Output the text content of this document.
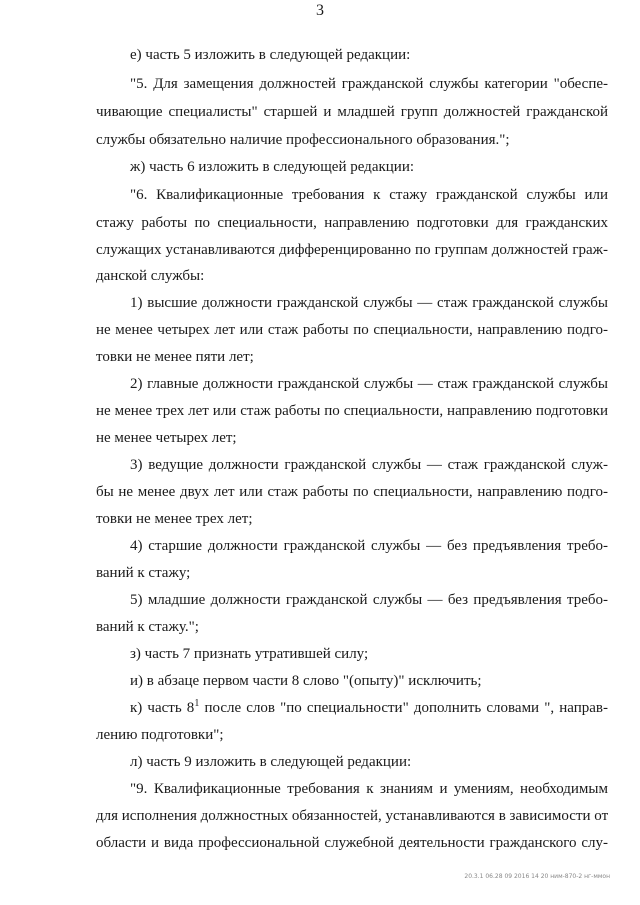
3
е) часть 5 изложить в следующей редакции:
"5. Для замещения должностей гражданской службы категории "обеспе-
чивающие специалисты" старшей и младшей групп должностей гражданской
службы обязательно наличие профессионального образования.";
ж) часть 6 изложить в следующей редакции:
"6. Квалификационные требования к стажу гражданской службы или
стажу работы по специальности, направлению подготовки для гражданских
служащих устанавливаются дифференцированно по группам должностей граж-
данской службы:
1) высшие должности гражданской службы — стаж гражданской службы
не менее четырех лет или стаж работы по специальности, направлению подго-
товки не менее пяти лет;
2) главные должности гражданской службы — стаж гражданской службы
не менее трех лет или стаж работы по специальности, направлению подготовки
не менее четырех лет;
3) ведущие должности гражданской службы — стаж гражданской служ-
бы не менее двух лет или стаж работы по специальности, направлению подго-
товки не менее трех лет;
4) старшие должности гражданской службы — без предъявления требо-
ваний к стажу;
5) младшие должности гражданской службы — без предъявления требо-
ваний к стажу.";
з) часть 7 признать утратившей силу;
и) в абзаце первом части 8 слово "(опыту)" исключить;
к) часть $8^1$ после слов "по специальности" дополнить словами ", направ-
лению подготовки";
л) часть 9 изложить в следующей редакции:
"9. Квалификационные требования к знаниям и умениям, необходимым
для исполнения должностных обязанностей, устанавливаются в зависимости от
области и вида профессиональной служебной деятельности гражданского слу-
20.3.1 06.28 09 2016 14 20 ним-870-2 нг-ммон
